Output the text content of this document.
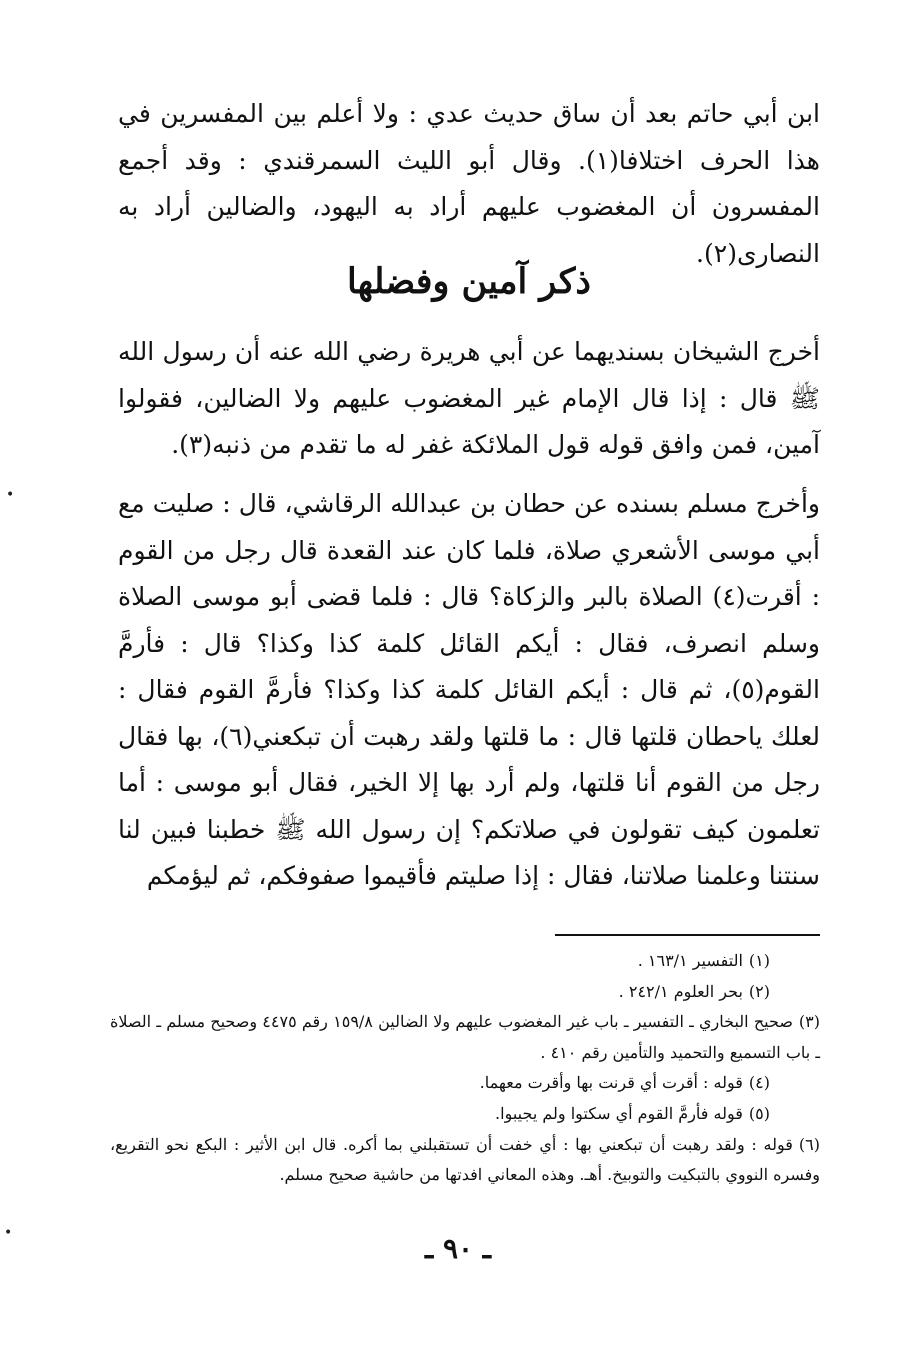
ابن أبي حاتم بعد أن ساق حديث عدي : ولا أعلم بين المفسرين في هذا الحرف اختلافا(١). وقال أبو الليث السمرقندي : وقد أجمع المفسرون أن المغضوب عليهم أراد به اليهود، والضالين أراد به النصارى(٢).

ذكر آمين وفضلها

أخرج الشيخان بسنديهما عن أبي هريرة رضي الله عنه أن رسول الله ﷺ قال : إذا قال الإمام غير المغضوب عليهم ولا الضالين، فقولوا آمين، فمن وافق قوله قول الملائكة غفر له ما تقدم من ذنبه(٣).

وأخرج مسلم بسنده عن حطان بن عبدالله الرقاشي، قال : صليت مع أبي موسى الأشعري صلاة، فلما كان عند القعدة قال رجل من القوم : أقرت(٤) الصلاة بالبر والزكاة؟ قال : فلما قضى أبو موسى الصلاة وسلم انصرف، فقال : أيكم القائل كلمة كذا وكذا؟ قال : فأرمَّ القوم(٥)، ثم قال : أيكم القائل كلمة كذا وكذا؟ فأرمَّ القوم فقال : لعلك ياحطان قلتها قال : ما قلتها ولقد رهبت أن تبكعني(٦)، بها فقال رجل من القوم أنا قلتها، ولم أرد بها إلا الخير، فقال أبو موسى : أما تعلمون كيف تقولون في صلاتكم؟ إن رسول الله ﷺ خطبنا فبين لنا سنتنا وعلمنا صلاتنا، فقال : إذا صليتم فأقيموا صفوفكم، ثم ليؤمكم

(١)التفسير ١٦٣/١ .

(٢)بحر العلوم ٢٤٢/١ .

(٣)صحيح البخاري ـ التفسير ـ باب غير المغضوب عليهم ولا الضالين ١٥٩/٨ رقم ٤٤٧٥ وصحيح مسلم ـ الصلاة ـ باب التسميع والتحميد والتأمين رقم ٤١٠ .

(٤)قوله : أقرت أي قرنت بها وأقرت معهما.

(٥)قوله فأرمَّ القوم أي سكتوا ولم يجيبوا.

(٦)قوله : ولقد رهبت أن تبكعني بها : أي خفت أن تستقبلني بما أكره. قال ابن الأثير : البكع نحو التقريع، وفسره النووي بالتبكيت والتوبيخ. أهـ. وهذه المعاني افدتها من حاشية صحيح مسلم.

ـ ٩٠ ـ
•
•
